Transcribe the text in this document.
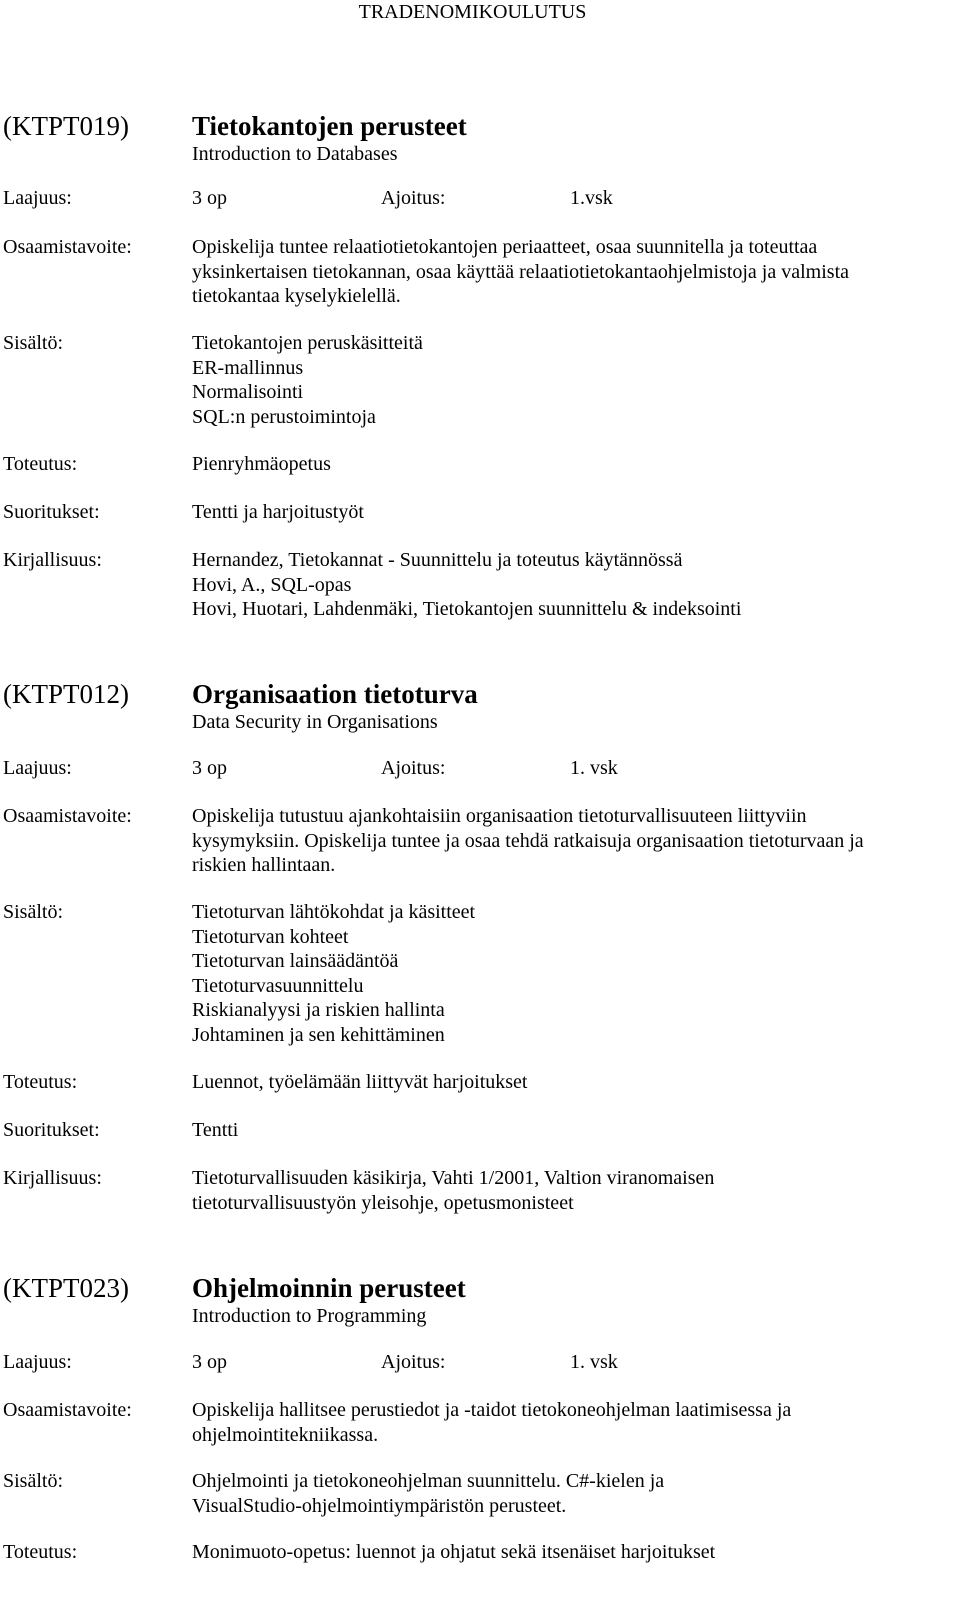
TRADENOMIKOULUTUS
(KTPT019) Tietokantojen perusteet
Introduction to Databases
Laajuus:	3 op	Ajoitus:	1.vsk
Osaamistavoite:	Opiskelija tuntee relaatiotietokantojen periaatteet, osaa suunnitella ja toteuttaa
yksinkertaisen tietokannan, osaa käyttää relaatiotietokantaohjelmistoja ja valmista
tietokantaa kyselykielellä.
Sisältö:	Tietokantojen peruskäsitteitä
ER-mallinnus
Normalisointi
SQL:n perustoimintoja
Toteutus:	Pienryhmäopetus
Suoritukset:	Tentti ja harjoitustyöt
Kirjallisuus:	Hernandez, Tietokannat - Suunnittelu ja toteutus käytännössä
Hovi, A., SQL-opas
Hovi, Huotari, Lahdenmäki, Tietokantojen suunnittelu & indeksointi
(KTPT012) Organisaation tietoturva
Data Security in Organisations
Laajuus:	3 op	Ajoitus:	1. vsk
Osaamistavoite:	Opiskelija tutustuu ajankohtaisiin organisaation tietoturvallisuuteen liittyviin
kysymyksiin. Opiskelija tuntee ja osaa tehdä ratkaisuja organisaation tietoturvaan ja
riskien hallintaan.
Sisältö:	Tietoturvan lähtökohdat ja käsitteet
Tietoturvan kohteet
Tietoturvan lainsäädäntöä
Tietoturvasuunnittelu
Riskianalyysi ja riskien hallinta
Johtaminen ja sen kehittäminen
Toteutus:	Luennot, työelämään liittyvät harjoitukset
Suoritukset:	Tentti
Kirjallisuus:	Tietoturvallisuuden käsikirja, Vahti 1/2001, Valtion viranomaisen
tietoturvallisuustyön yleisohje, opetusmonisteet
(KTPT023) Ohjelmoinnin perusteet
Introduction to Programming
Laajuus:	3 op	Ajoitus:	1. vsk
Osaamistavoite:	Opiskelija hallitsee perustiedot ja -taidot tietokoneohjelman laatimisessa ja
ohjelmointitekniikassa.
Sisältö:	Ohjelmointi ja tietokoneohjelman suunnittelu. C#-kielen ja
VisualStudio-ohjelmointiympäristön perusteet.
Toteutus:	Monimuoto-opetus: luennot ja ohjatut sekä itsenäiset harjoitukset
